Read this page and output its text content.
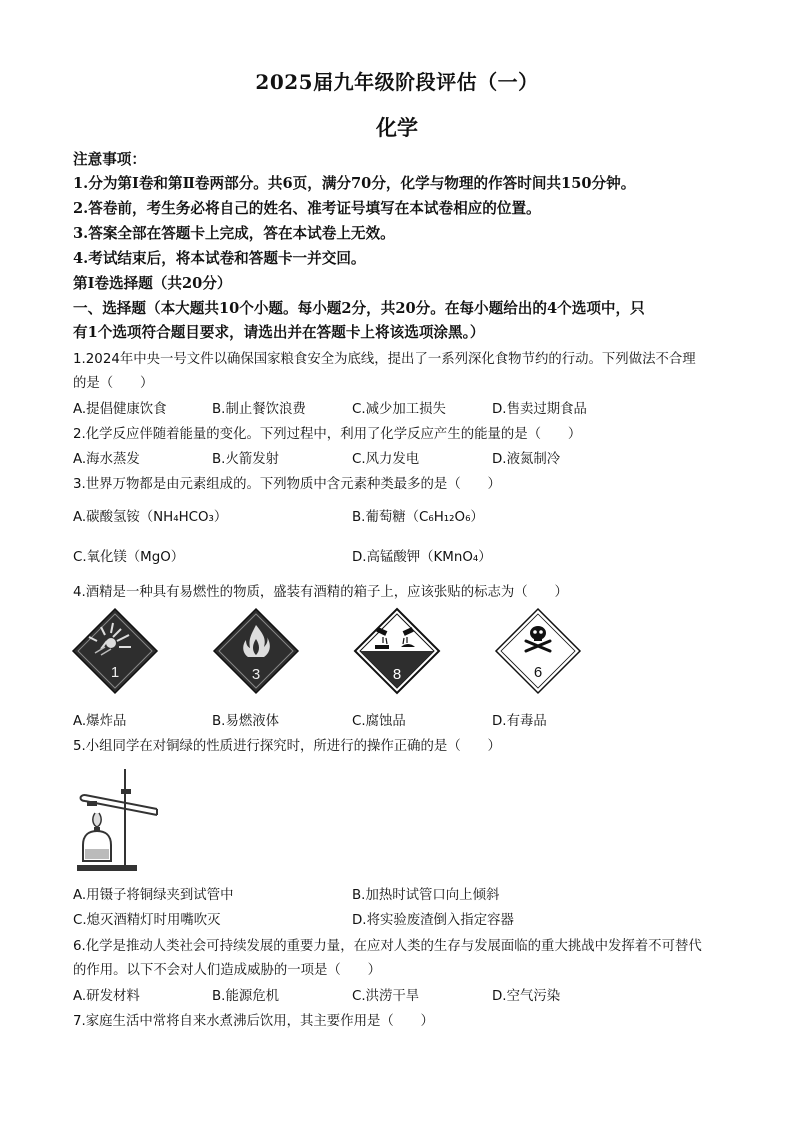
2025届九年级阶段评估（一）
化学
注意事项：
1.分为第Ⅰ卷和第Ⅱ卷两部分。共6页，满分70分，化学与物理的作答时间共150分钟。
2.答卷前，考生务必将自己的姓名、准考证号填写在本试卷相应的位置。
3.答案全部在答题卡上完成，答在本试卷上无效。
4.考试结束后，将本试卷和答题卡一并交回。
第Ⅰ卷选择题（共20分）
一、选择题（本大题共10个小题。每小题2分，共20分。在每小题给出的4个选项中，只
有1个选项符合题目要求，请选出并在答题卡上将该选项涂黑。）
1.2024年中央一号文件以确保国家粮食安全为底线，提出了一系列深化食物节约的行动。下列做法不合理
的是（　　）
A.提倡健康饮食	B.制止餐饮浪费	C.减少加工损失	D.售卖过期食品
2.化学反应伴随着能量的变化。下列过程中，利用了化学反应产生的能量的是（　　）
A.海水蒸发	B.火箭发射	C.风力发电	D.液氮制冷
3.世界万物都是由元素组成的。下列物质中含元素种类最多的是（　　）
A.碳酸氢铵（NH₄HCO₃）	B.葡萄糖（C₆H₁₂O₆）
C.氧化镁（MgO）	D.高锰酸钾（KMnO₄）
4.酒精是一种具有易燃性的物质，盛装有酒精的箱子上，应该张贴的标志为（　　）
1	3	8	6
A.爆炸品	B.易燃液体	C.腐蚀品	D.有毒品
5.小组同学在对铜绿的性质进行探究时，所进行的操作正确的是（　　）
A.用镊子将铜绿夹到试管中	B.加热时试管口向上倾斜
C.熄灭酒精灯时用嘴吹灭	D.将实验废渣倒入指定容器
6.化学是推动人类社会可持续发展的重要力量，在应对人类的生存与发展面临的重大挑战中发挥着不可替代
的作用。以下不会对人们造成威胁的一项是（　　）
A.研发材料	B.能源危机	C.洪涝干旱	D.空气污染
7.家庭生活中常将自来水煮沸后饮用，其主要作用是（　　）
